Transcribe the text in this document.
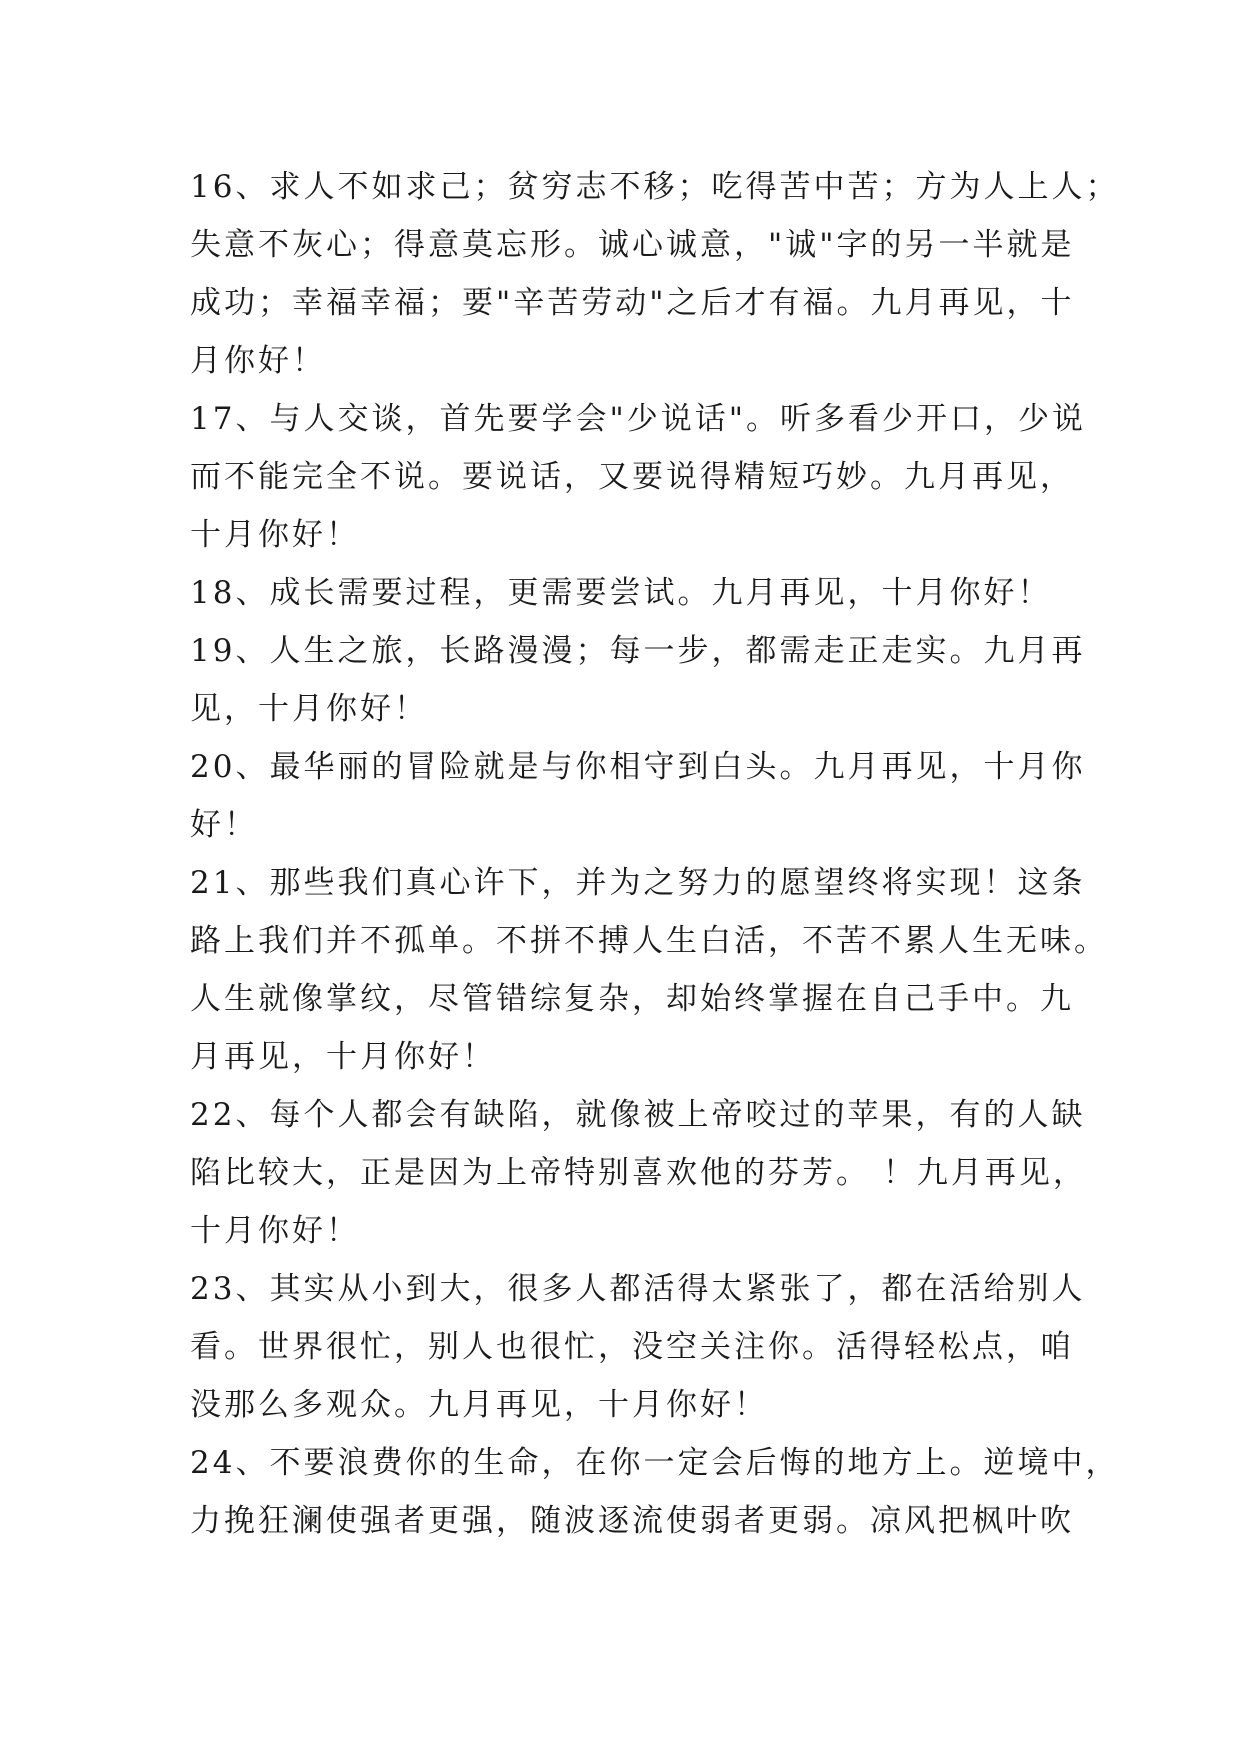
16、求人不如求己；贫穷志不移；吃得苦中苦；方为人上人；
失意不灰心；得意莫忘形。诚心诚意，"诚"字的另一半就是
成功；幸福幸福；要"辛苦劳动"之后才有福。九月再见，十
月你好！
17、与人交谈，首先要学会"少说话"。听多看少开口，少说
而不能完全不说。要说话，又要说得精短巧妙。九月再见，
十月你好！
18、成长需要过程，更需要尝试。九月再见，十月你好！
19、人生之旅，长路漫漫；每一步，都需走正走实。九月再
见，十月你好！
20、最华丽的冒险就是与你相守到白头。九月再见，十月你
好！
21、那些我们真心许下，并为之努力的愿望终将实现！这条
路上我们并不孤单。不拼不搏人生白活，不苦不累人生无味。
人生就像掌纹，尽管错综复杂，却始终掌握在自己手中。九
月再见，十月你好！
22、每个人都会有缺陷，就像被上帝咬过的苹果，有的人缺
陷比较大，正是因为上帝特别喜欢他的芬芳。 ！九月再见，
十月你好！
23、其实从小到大，很多人都活得太紧张了，都在活给别人
看。世界很忙，别人也很忙，没空关注你。活得轻松点，咱
没那么多观众。九月再见，十月你好！
24、不要浪费你的生命，在你一定会后悔的地方上。逆境中，
力挽狂澜使强者更强，随波逐流使弱者更弱。凉风把枫叶吹
